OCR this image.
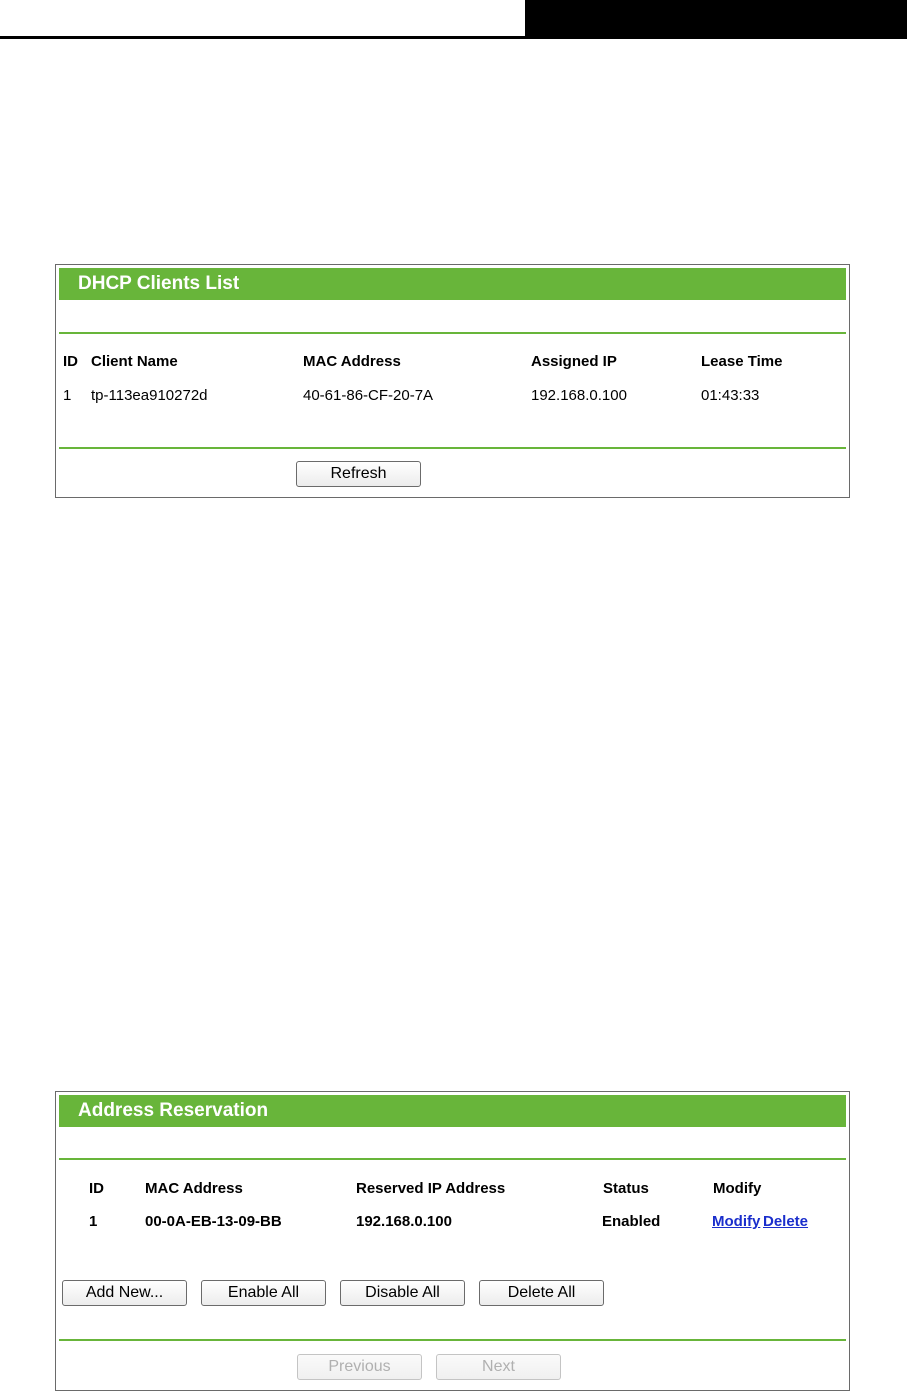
DHCP Clients List
ID Client Name	MAC Address	Assigned IP	Lease Time
1 tp-113ea910272d	40-61-86-CF-20-7A	192.168.0.100	01:43:33
Refresh
Address Reservation
ID	MAC Address	Reserved IP Address	Status	Modify
1	00-0A-EB-13-09-BB	192.168.0.100	Enabled	Modify Delete
Add New...	Enable All	Disable All	Delete All
Previous	Next
